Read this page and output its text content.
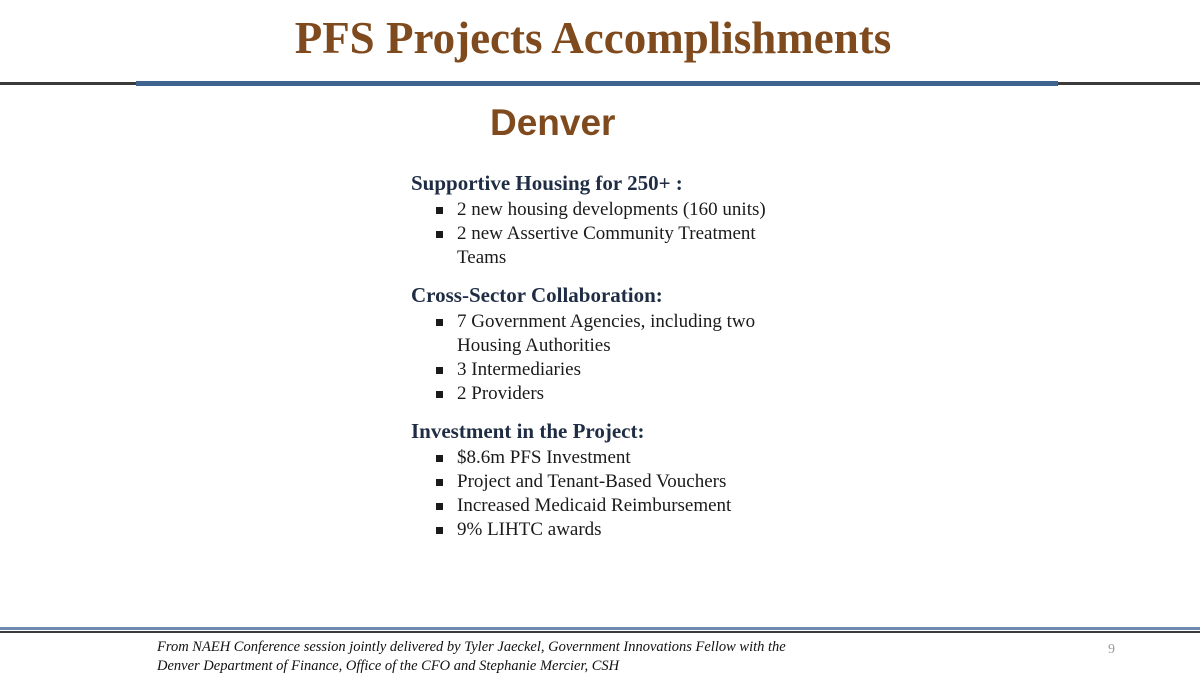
PFS Projects Accomplishments
Denver

Supportive Housing for 250+ :

2 new housing developments (160 units)
2 new Assertive Community Treatment Teams

Cross-Sector Collaboration:

7 Government Agencies, including two Housing Authorities
3 Intermediaries
2 Providers

Investment in the Project:

$8.6m PFS Investment
Project and Tenant-Based Vouchers
Increased Medicaid Reimbursement
9% LIHTC awards

From NAEH Conference session jointly delivered by Tyler Jaeckel, Government Innovations Fellow with the
Denver Department of Finance, Office of the CFO and Stephanie Mercier, CSH

9
